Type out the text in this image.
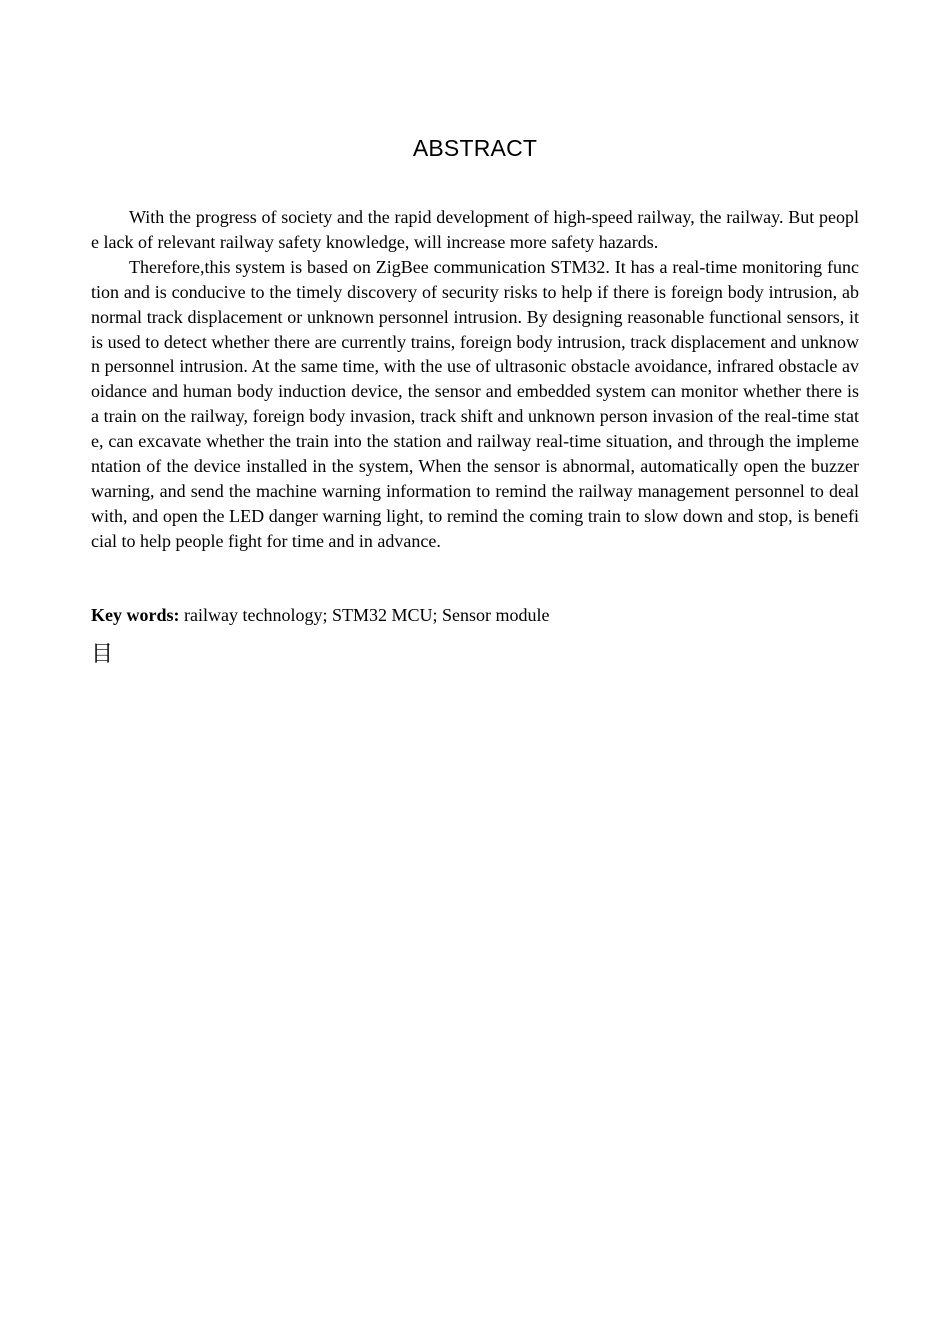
ABSTRACT

With the progress of society and the rapid development of high-speed railway, the railway. But people lack of relevant railway safety knowledge, will increase more safety hazards.

Therefore,this system is based on ZigBee communication STM32. It has a real-time monitoring function and is conducive to the timely discovery of security risks to help if there is foreign body intrusion, abnormal track displacement or unknown personnel intrusion. By designing reasonable functional sensors, it is used to detect whether there are currently trains, foreign body intrusion, track displacement and unknown personnel intrusion. At the same time, with the use of ultrasonic obstacle avoidance, infrared obstacle avoidance and human body induction device, the sensor and embedded system can monitor whether there is a train on the railway, foreign body invasion, track shift and unknown person invasion of the real-time state, can excavate whether the train into the station and railway real-time situation, and through the implementation of the device installed in the system, When the sensor is abnormal, automatically open the buzzer warning, and send the machine warning information to remind the railway management personnel to deal with, and open the LED danger warning light, to remind the coming train to slow down and stop, is beneficial to help people fight for time and in advance.

Key words: railway technology; STM32 MCU; Sensor module
目
